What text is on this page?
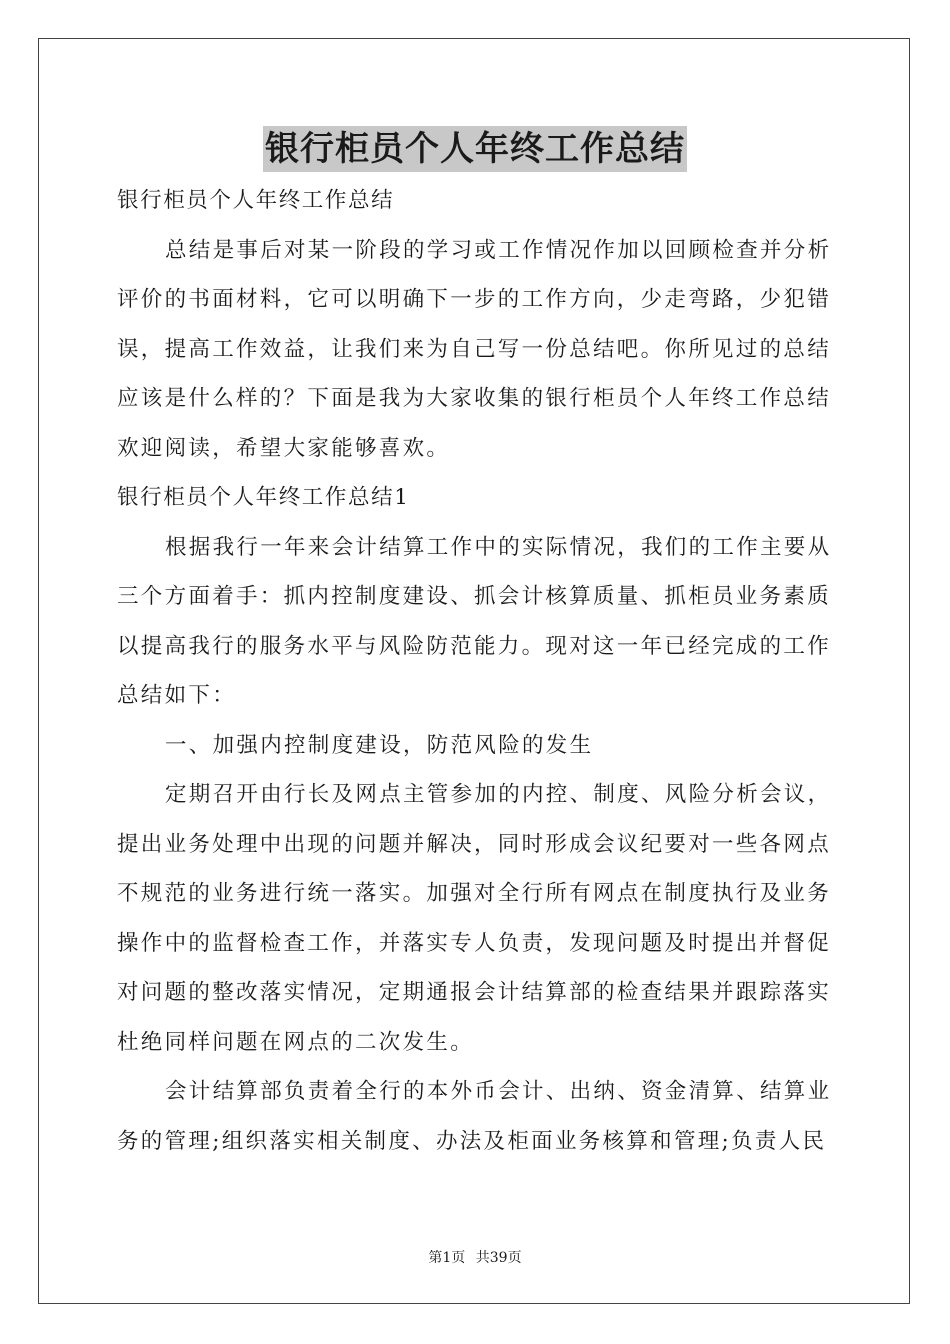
银行柜员个人年终工作总结
银行柜员个人年终工作总结
总结是事后对某一阶段的学习或工作情况作加以回顾检查并分析
评价的书面材料，它可以明确下一步的工作方向，少走弯路，少犯错
误，提高工作效益，让我们来为自己写一份总结吧。你所见过的总结
应该是什么样的？下面是我为大家收集的银行柜员个人年终工作总结
欢迎阅读，希望大家能够喜欢。
银行柜员个人年终工作总结1
根据我行一年来会计结算工作中的实际情况，我们的工作主要从
三个方面着手：抓内控制度建设、抓会计核算质量、抓柜员业务素质
以提高我行的服务水平与风险防范能力。现对这一年已经完成的工作
总结如下：
一、加强内控制度建设，防范风险的发生
定期召开由行长及网点主管参加的内控、制度、风险分析会议，
提出业务处理中出现的问题并解决，同时形成会议纪要对一些各网点
不规范的业务进行统一落实。加强对全行所有网点在制度执行及业务
操作中的监督检查工作，并落实专人负责，发现问题及时提出并督促
对问题的整改落实情况，定期通报会计结算部的检查结果并跟踪落实
杜绝同样问题在网点的二次发生。
会计结算部负责着全行的本外币会计、出纳、资金清算、结算业
务的管理;组织落实相关制度、办法及柜面业务核算和管理;负责人民
第1页 共39页
